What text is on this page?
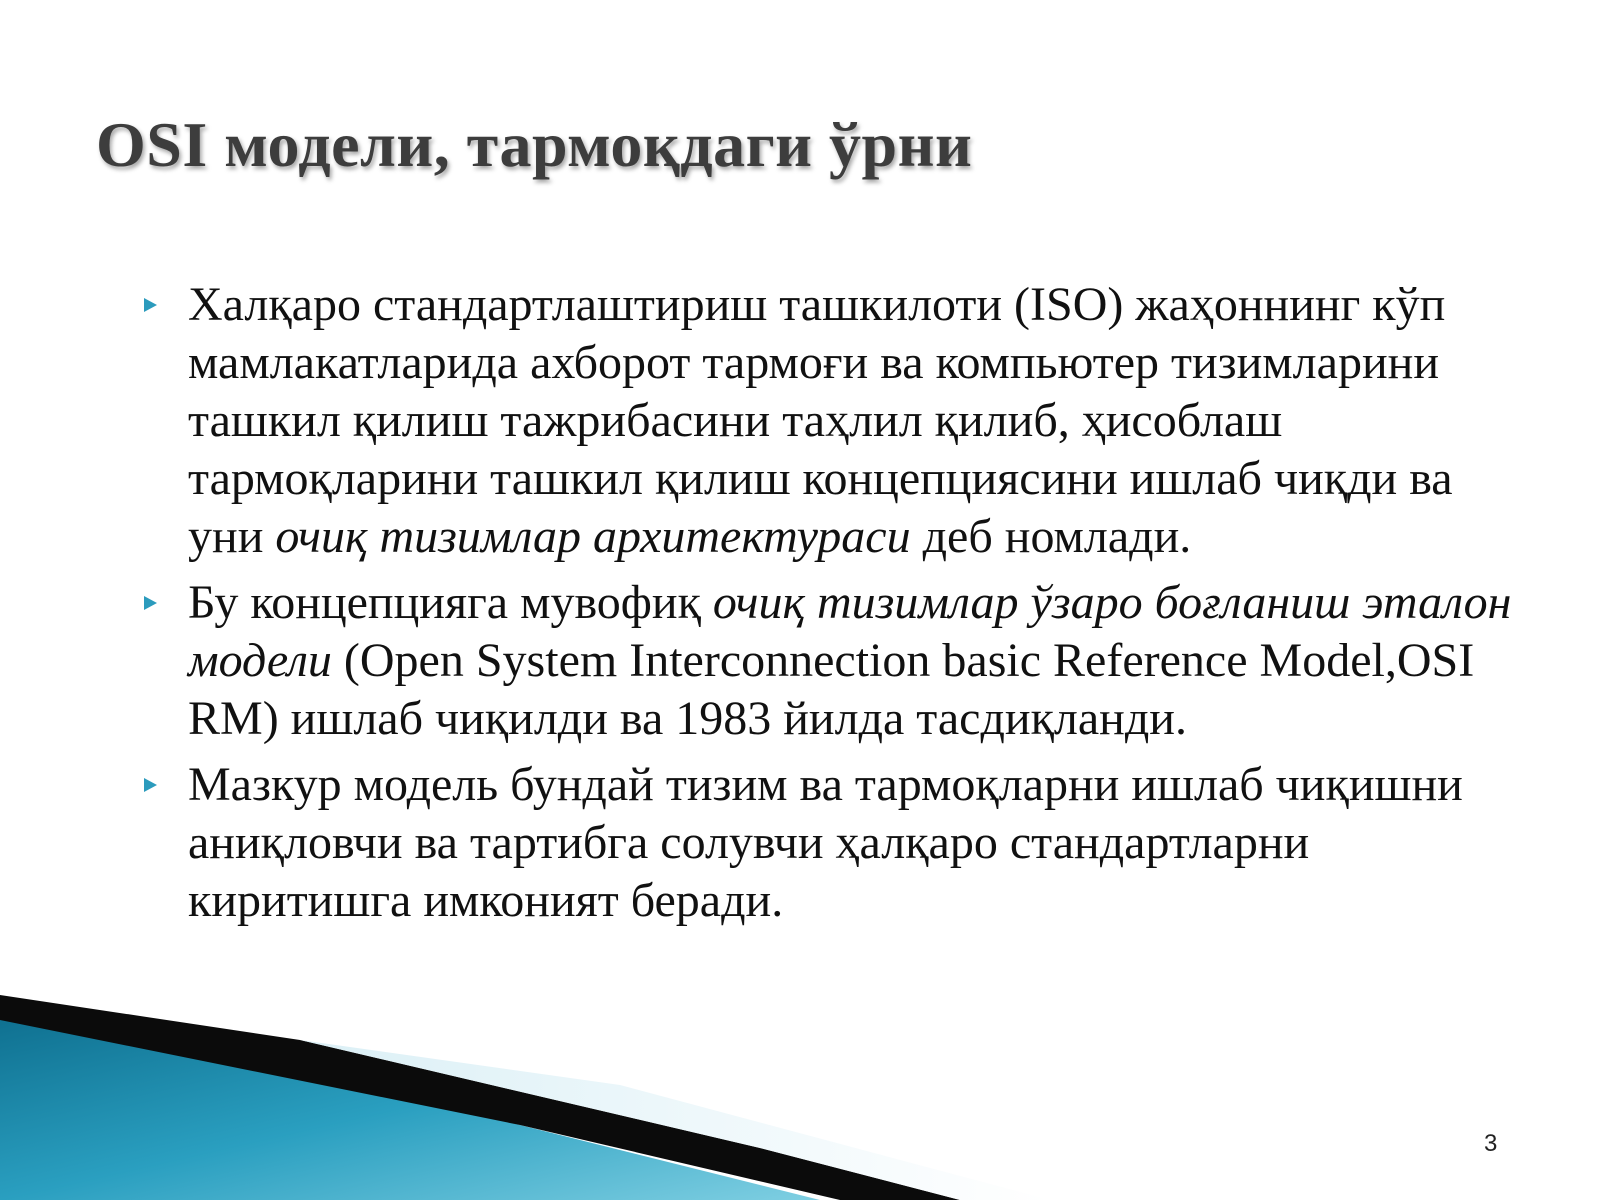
OSI модели, тармоқдаги ўрни
Халқаро стандартлаштириш ташкилоти (ISO) жаҳоннинг кўп мамлакатларида ахборот тармоғи ва компьютер тизимларини ташкил қилиш тажрибасини таҳлил қилиб, ҳисоблаш тармоқларини ташкил қилиш концепциясини ишлаб чиқди ва уни очиқ тизимлар архитектураси деб номлади.
Бу концепцияга мувофиқ очиқ тизимлар ўзаро боғланиш эталон модели (Open System Interconnection basic Reference Model,OSI RM) ишлаб чиқилди ва 1983 йилда тасдиқланди.
Мазкур модель бундай тизим ва тармоқларни ишлаб чиқишни аниқловчи ва тартибга солувчи ҳалқаро стандартларни киритишга имконият беради.
3
